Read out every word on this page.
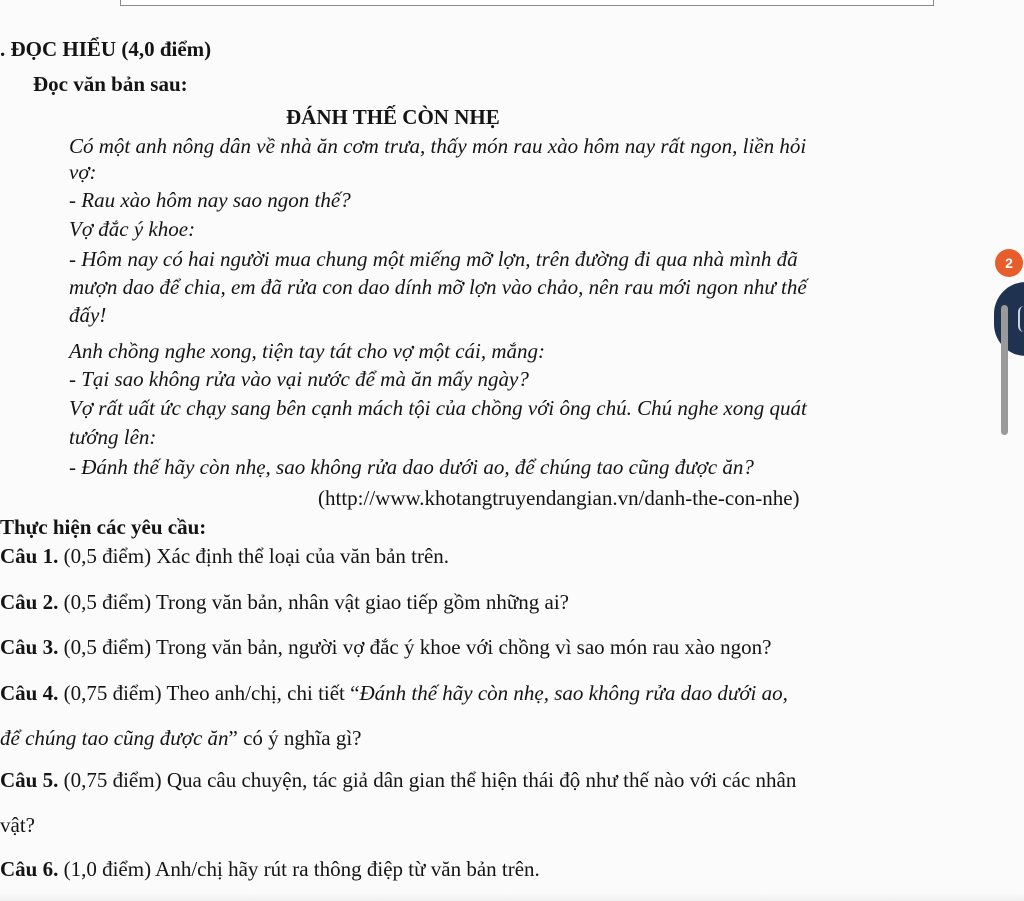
. ĐỌC HIỂU (4,0 điểm)
Đọc văn bản sau:
ĐÁNH THẾ CÒN NHẸ
Có một anh nông dân về nhà ăn cơm trưa, thấy món rau xào hôm nay rất ngon, liền hỏi
vợ:
- Rau xào hôm nay sao ngon thế?
Vợ đắc ý khoe:
- Hôm nay có hai người mua chung một miếng mỡ lợn, trên đường đi qua nhà mình đã
mượn dao để chia, em đã rửa con dao dính mỡ lợn vào chảo, nên rau mới ngon như thế
đấy!
Anh chồng nghe xong, tiện tay tát cho vợ một cái, mắng:
- Tại sao không rửa vào vại nước để mà ăn mấy ngày?
Vợ rất uất ức chạy sang bên cạnh mách tội của chồng với ông chú. Chú nghe xong quát
tướng lên:
- Đánh thế hãy còn nhẹ, sao không rửa dao dưới ao, để chúng tao cũng được ăn?
(http://www.khotangtruyendangian.vn/danh-the-con-nhe)
Thực hiện các yêu cầu:
Câu 1. (0,5 điểm) Xác định thể loại của văn bản trên.
Câu 2. (0,5 điểm) Trong văn bản, nhân vật giao tiếp gồm những ai?
Câu 3. (0,5 điểm) Trong văn bản, người vợ đắc ý khoe với chồng vì sao món rau xào ngon?
Câu 4. (0,75 điểm) Theo anh/chị, chi tiết “Đánh thế hãy còn nhẹ, sao không rửa dao dưới ao,
để chúng tao cũng được ăn” có ý nghĩa gì?
Câu 5. (0,75 điểm) Qua câu chuyện, tác giả dân gian thể hiện thái độ như thế nào với các nhân
vật?
Câu 6. (1,0 điểm) Anh/chị hãy rút ra thông điệp từ văn bản trên.
2
